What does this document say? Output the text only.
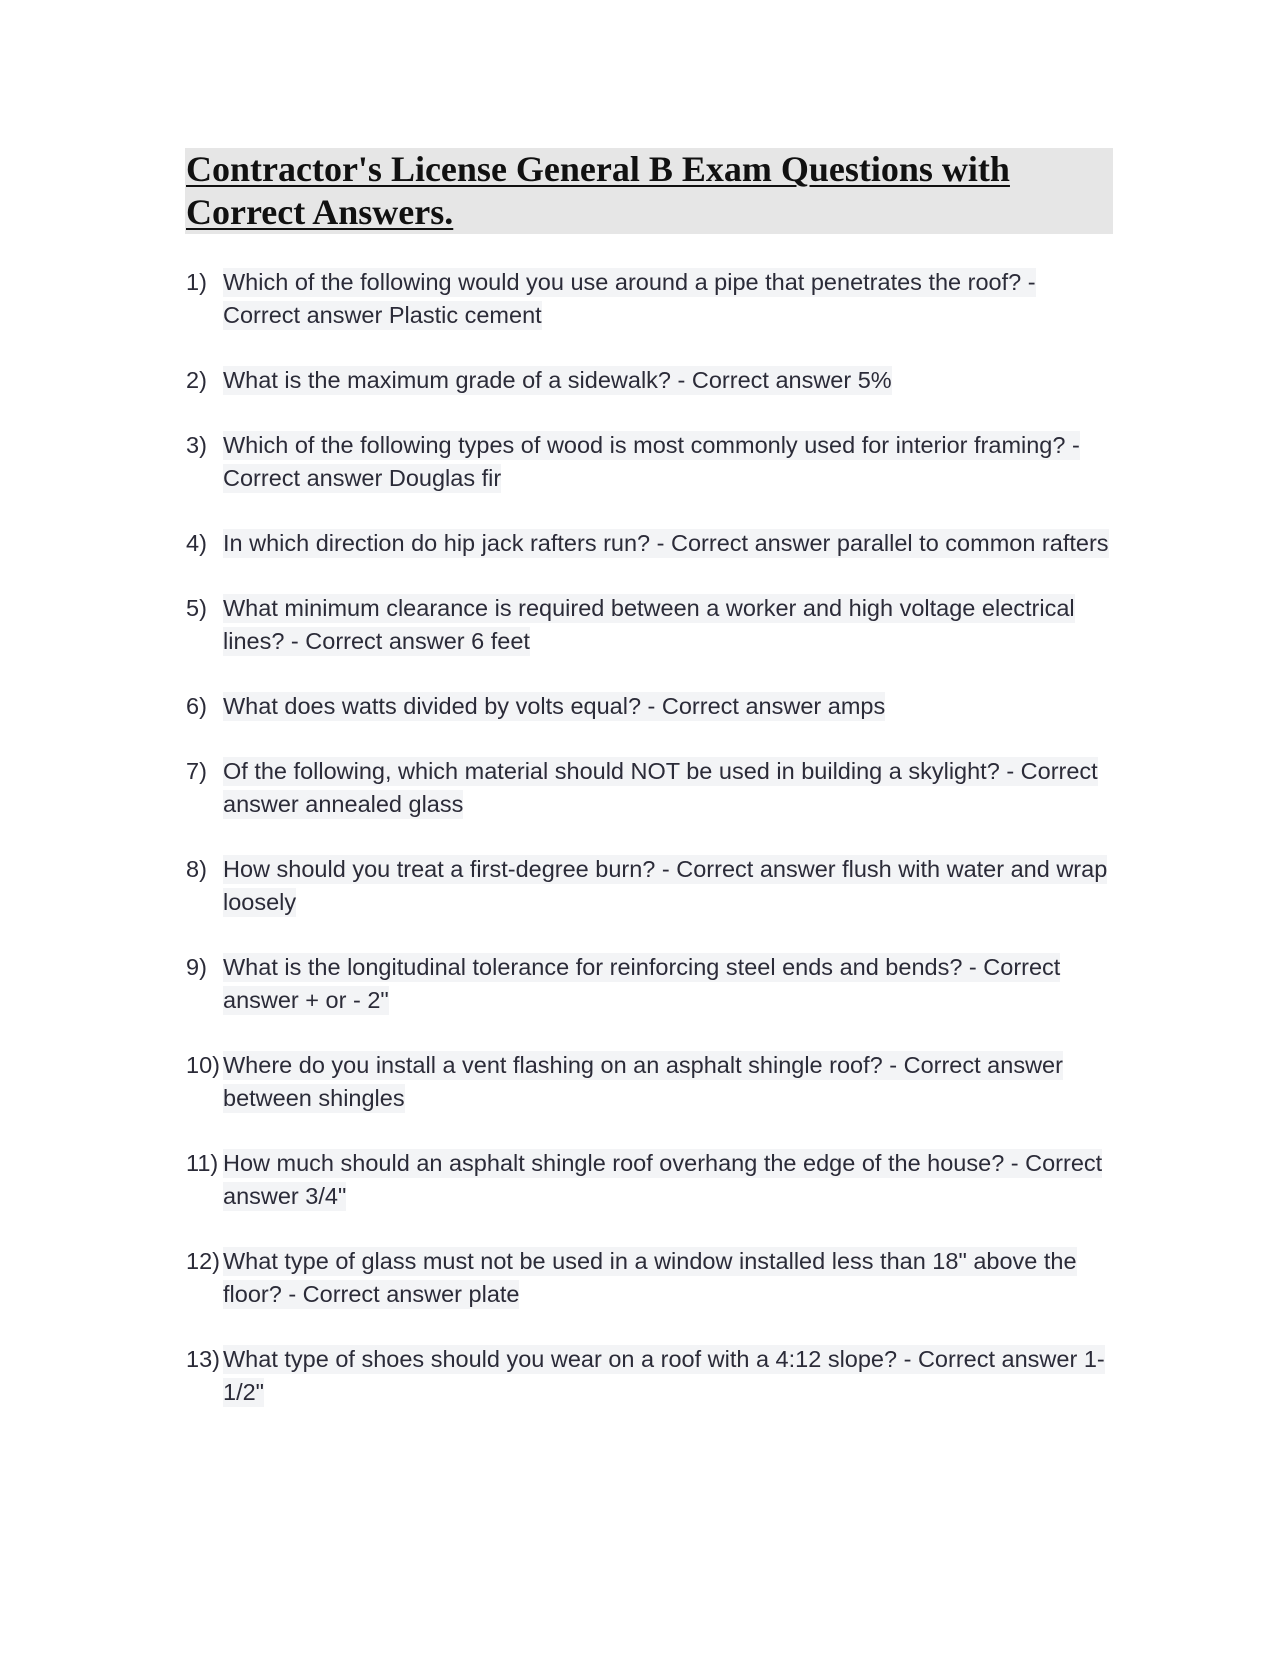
Contractor's License General B Exam Questions with Correct Answers.
1) Which of the following would you use around a pipe that penetrates the roof? - Correct answer Plastic cement
2) What is the maximum grade of a sidewalk? - Correct answer 5%
3) Which of the following types of wood is most commonly used for interior framing? - Correct answer Douglas fir
4) In which direction do hip jack rafters run? - Correct answer parallel to common rafters
5) What minimum clearance is required between a worker and high voltage electrical lines? - Correct answer 6 feet
6) What does watts divided by volts equal? - Correct answer amps
7) Of the following, which material should NOT be used in building a skylight? - Correct answer annealed glass
8) How should you treat a first-degree burn? - Correct answer flush with water and wrap loosely
9) What is the longitudinal tolerance for reinforcing steel ends and bends? - Correct answer + or - 2"
10) Where do you install a vent flashing on an asphalt shingle roof? - Correct answer between shingles
11) How much should an asphalt shingle roof overhang the edge of the house? - Correct answer 3/4"
12) What type of glass must not be used in a window installed less than 18" above the floor? - Correct answer plate
13) What type of shoes should you wear on a roof with a 4:12 slope? - Correct answer 1-1/2"
